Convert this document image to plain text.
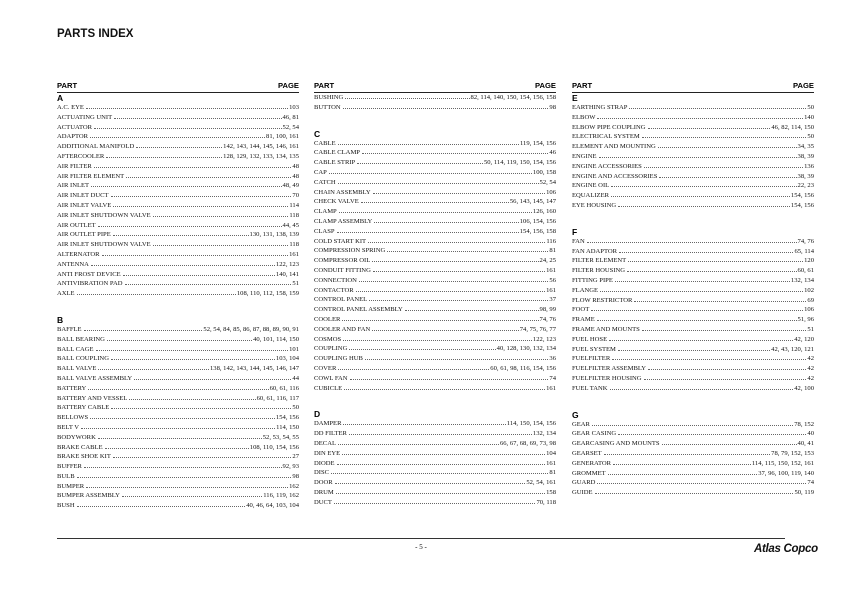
PARTS INDEX
PART	PAGE
A
A.C. EYE	103
ACTUATING UNIT	46, 81
ACTUATOR	52, 54
ADAPTOR	81, 100, 161
ADDITIONAL MANIFOLD	142, 143, 144, 145, 146, 161
AFTERCOOLER	128, 129, 132, 133, 134, 135
AIR FILTER	48
AIR FILTER ELEMENT	48
AIR INLET	48, 49
AIR INLET DUCT	70
AIR INLET VALVE	114
AIR INLET SHUTDOWN VALVE	118
AIR OUTLET	44, 45
AIR OUTLET PIPE	130, 131, 138, 139
AIR INLET SHUTDOWN VALVE	118
ALTERNATOR	161
ANTENNA	122, 123
ANTI FROST DEVICE	140, 141
ANTIVIBRATION PAD	51
AXLE	108, 110, 112, 158, 159
B
BAFFLE	52, 54, 84, 85, 86, 87, 88, 89, 90, 91
BALL BEARING	40, 101, 114, 150
BALL CAGE	101
BALL COUPLING	103, 104
BALL VALVE	138, 142, 143, 144, 145, 146, 147
BALL VALVE ASSEMBLY	44
BATTERY	60, 61, 116
BATTERY AND VESSEL	60, 61, 116, 117
BATTERY CABLE	50
BELLOWS	154, 156
BELT V	114, 150
BODYWORK	52, 53, 54, 55
BRAKE CABLE	108, 110, 154, 156
BRAKE SHOE KIT	27
BUFFER	92, 93
BULB	98
BUMPER	162
BUMPER ASSEMBLY	116, 119, 162
BUSH	40, 46, 64, 103, 104
PART	PAGE
BUSHING	82, 114, 140, 150, 154, 156, 158
BUTTON	98
C
CABLE	119, 154, 156
CABLE CLAMP	46
CABLE STRIP	50, 114, 119, 150, 154, 156
CAP	100, 158
CATCH	52, 54
CHAIN ASSEMBLY	106
CHECK VALVE	56, 143, 145, 147
CLAMP	126, 160
CLAMP ASSEMBLY	106, 154, 156
CLASP	154, 156, 158
COLD START KIT	116
COMPRESSION SPRING	81
COMPRESSOR OIL	24, 25
CONDUIT FITTING	161
CONNECTION	56
CONTACTOR	161
CONTROL PANEL	37
CONTROL PANEL ASSEMBLY	98, 99
COOLER	74, 76
COOLER AND FAN	74, 75, 76, 77
COSMOS	122, 123
COUPLING	40, 128, 130, 132, 134
COUPLING HUB	36
COVER	60, 61, 98, 116, 154, 156
COWL FAN	74
CUBICLE	161
D
DAMPER	114, 150, 154, 156
DD FILTER	132, 134
DECAL	66, 67, 68, 69, 73, 98
DIN EYE	104
DIODE	161
DISC	81
DOOR	52, 54, 161
DRUM	158
DUCT	70, 118
PART	PAGE
E
EARTHING STRAP	50
ELBOW	140
ELBOW PIPE COUPLING	46, 82, 114, 150
ELECTRICAL SYSTEM	50
ELEMENT AND MOUNTING	34, 35
ENGINE	38, 39
ENGINE ACCESSORIES	136
ENGINE AND ACCESSORIES	38, 39
ENGINE OIL	22, 23
EQUALIZER	154, 156
EYE HOUSING	154, 156
F
FAN	74, 76
FAN ADAPTOR	65, 114
FILTER ELEMENT	120
FILTER HOUSING	60, 61
FITTING PIPE	132, 134
FLANGE	102
FLOW RESTRICTOR	69
FOOT	106
FRAME	51, 96
FRAME AND MOUNTS	51
FUEL HOSE	42, 120
FUEL SYSTEM	42, 43, 120, 121
FUELFILTER	42
FUELFILTER ASSEMBLY	42
FUELFILTER HOUSING	42
FUEL TANK	42, 100
G
GEAR	78, 152
GEAR CASING	40
GEARCASING AND MOUNTS	40, 41
GEARSET	78, 79, 152, 153
GENERATOR	114, 115, 150, 152, 161
GROMMET	37, 96, 100, 119, 140
GUARD	74
GUIDE	50, 119
- 5 -	Atlas Copco
